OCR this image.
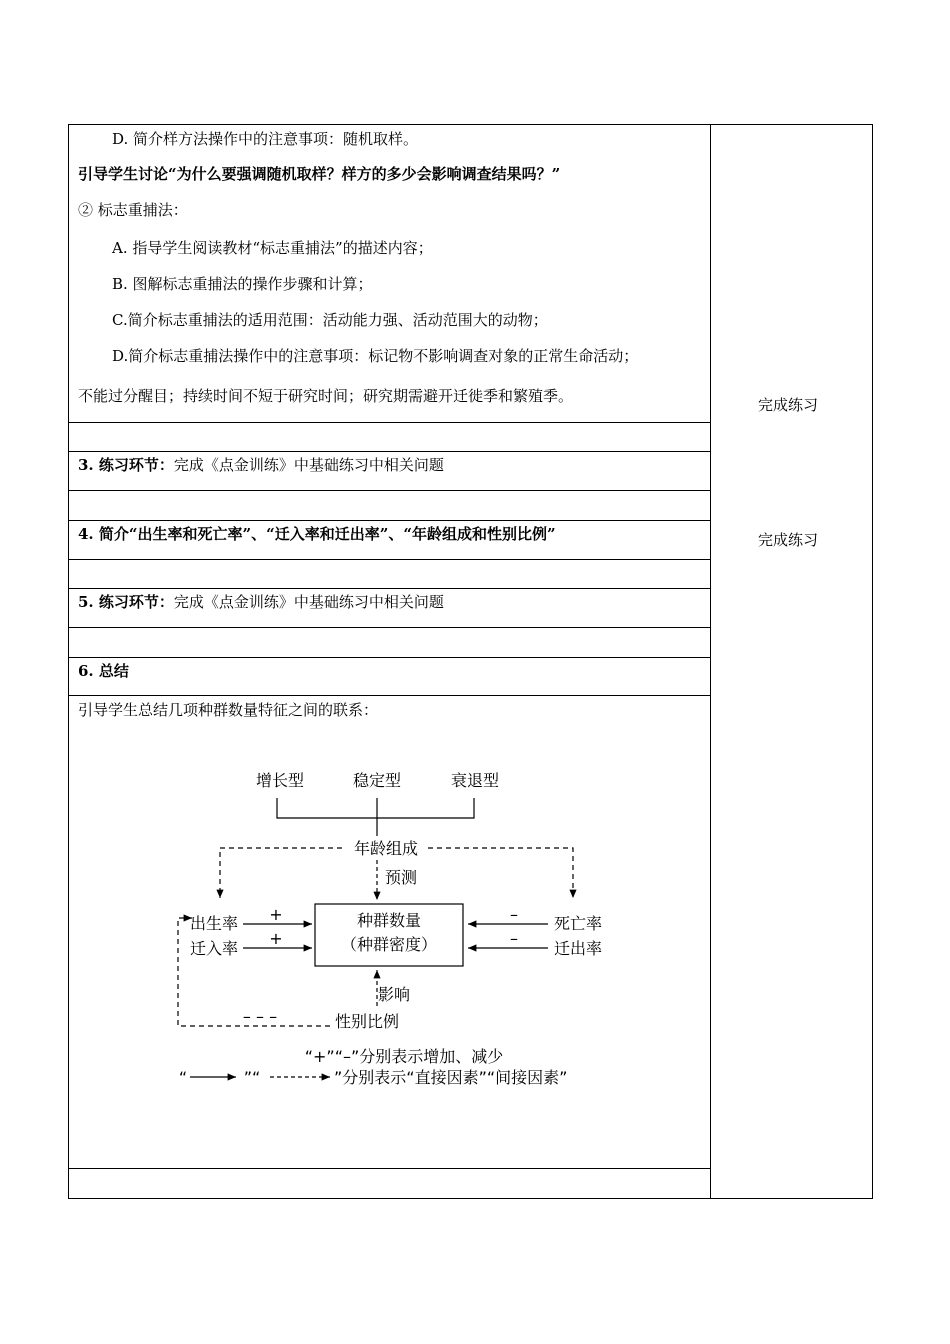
D. 简介样方法操作中的注意事项：随机取样。
引导学生讨论“为什么要强调随机取样？样方的多少会影响调查结果吗？”
② 标志重捕法：
A. 指导学生阅读教材“标志重捕法”的描述内容；
B. 图解标志重捕法的操作步骤和计算；
C.简介标志重捕法的适用范围：活动能力强、活动范围大的动物；
D.简介标志重捕法操作中的注意事项：标记物不影响调查对象的正常生命活动；
不能过分醒目；持续时间不短于研究时间；研究期需避开迁徙季和繁殖季。
3. 练习环节：完成《点金训练》中基础练习中相关问题
4. 简介“出生率和死亡率”、“迁入率和迁出率”、“年龄组成和性别比例”
5. 练习环节：完成《点金训练》中基础练习中相关问题
6. 总结
引导学生总结几项种群数量特征之间的联系：
完成练习
完成练习
增长型	稳定型	衰退型
年龄组成
预测
种群数量
（种群密度）
出生率
迁入率
死亡率
迁出率
+
+
–
–
影响
性别比例
– – –
“+”“–”分别表示增加、减少
“	”“	”分别表示“直接因素”“间接因素”
